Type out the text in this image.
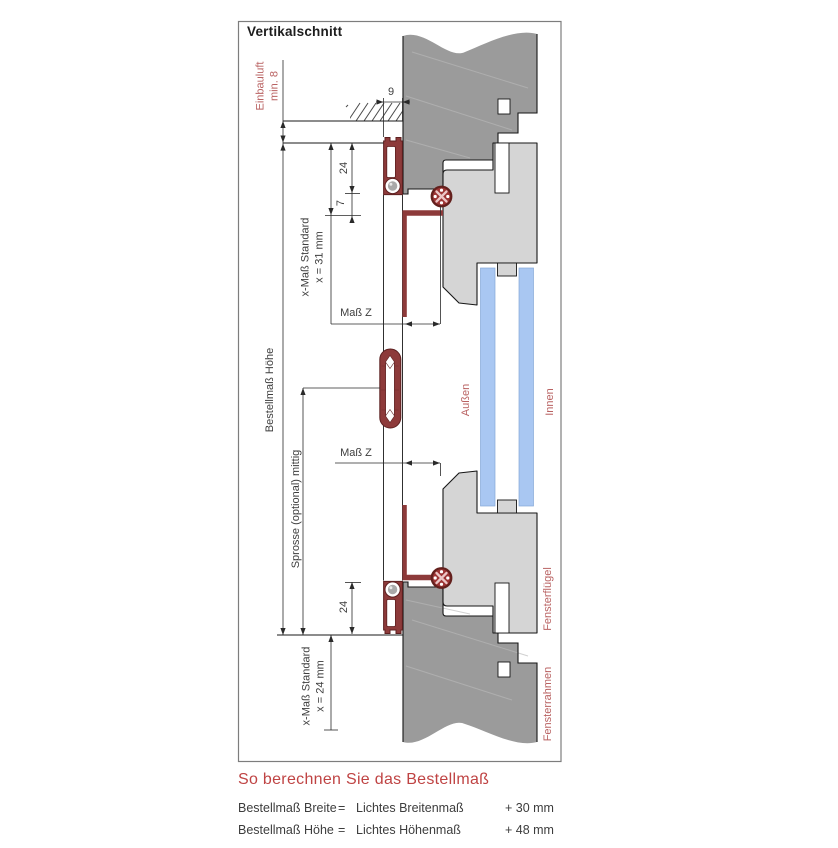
Vertikalschnitt
Einbauluft min. 8	9
24
7
x-Maß Standard x = 31 mm
Maß Z
Bestellmaß Höhe
Sprosse (optional) mittig	Maß Z
24
x-Maß Standard x = 24 mm
Außen	Innen
Fensterflügel
Fensterrahmen
So berechnen Sie das Bestellmaß
Bestellmaß Breite = Lichtes Breitenmaß	+ 30 mm
Bestellmaß Höhe = Lichtes Höhenmaß	+ 48 mm
